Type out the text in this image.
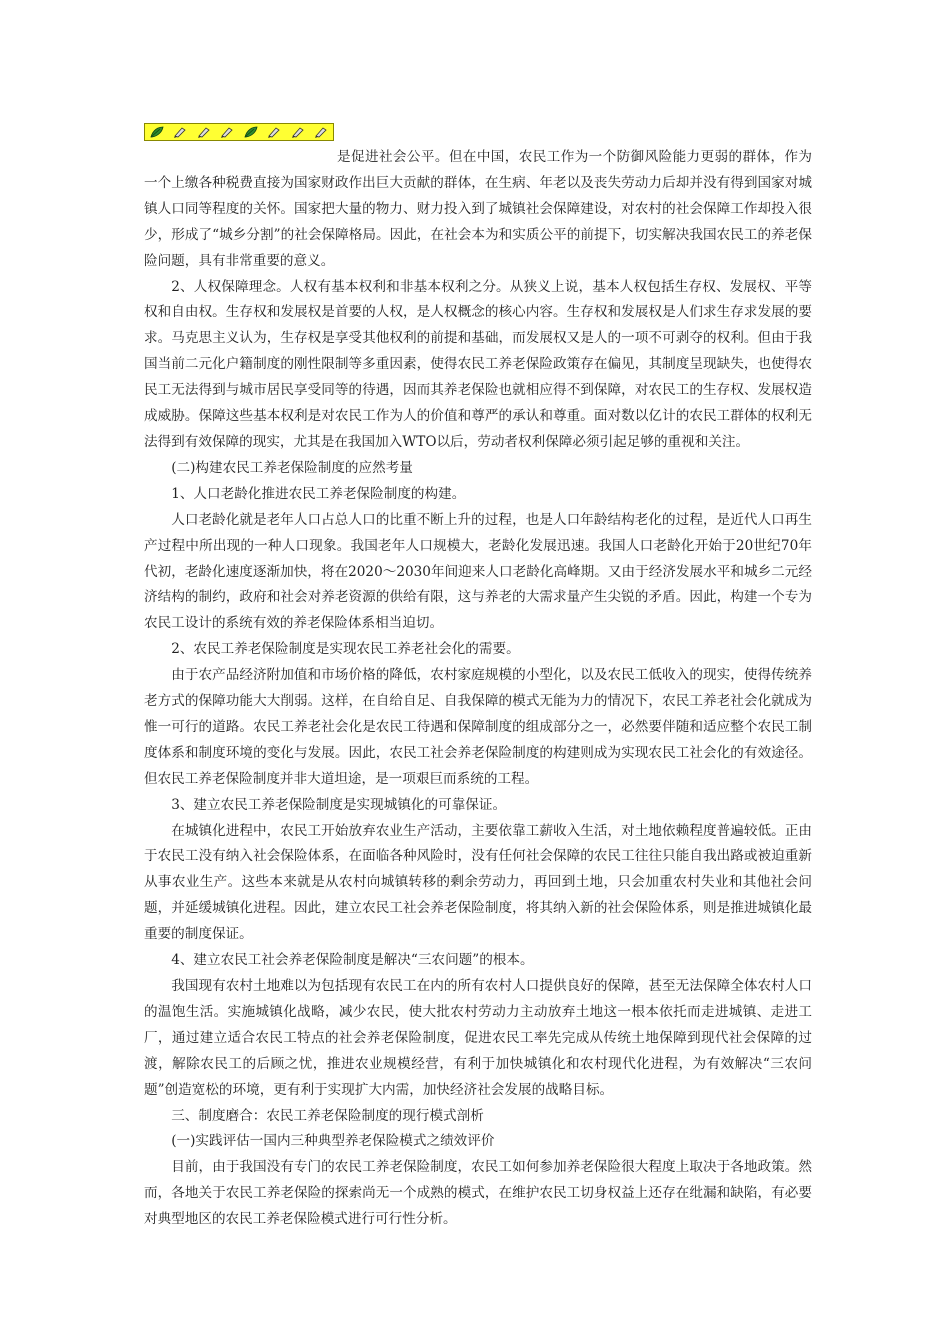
是促进社会公平。但在中国，农民工作为一个防御风险能力更弱的群体，作为一个上缴各种税费直接为国家财政作出巨大贡献的群体，在生病、年老以及丧失劳动力后却并没有得到国家对城镇人口同等程度的关怀。国家把大量的物力、财力投入到了城镇社会保障建设，对农村的社会保障工作却投入很少，形成了“城乡分割”的社会保障格局。因此，在社会本为和实质公平的前提下，切实解决我国农民工的养老保险问题，具有非常重要的意义。

2、人权保障理念。人权有基本权利和非基本权利之分。从狭义上说，基本人权包括生存权、发展权、平等权和自由权。生存权和发展权是首要的人权，是人权概念的核心内容。生存权和发展权是人们求生存求发展的要求。马克思主义认为，生存权是享受其他权利的前提和基础，而发展权又是人的一项不可剥夺的权利。但由于我国当前二元化户籍制度的刚性限制等多重因素，使得农民工养老保险政策存在偏见，其制度呈现缺失，也使得农民工无法得到与城市居民享受同等的待遇，因而其养老保险也就相应得不到保障，对农民工的生存权、发展权造成威胁。保障这些基本权利是对农民工作为人的价值和尊严的承认和尊重。面对数以亿计的农民工群体的权利无法得到有效保障的现实，尤其是在我国加入WTO以后，劳动者权利保障必须引起足够的重视和关注。

(二)构建农民工养老保险制度的应然考量

1、人口老龄化推进农民工养老保险制度的构建。

人口老龄化就是老年人口占总人口的比重不断上升的过程，也是人口年龄结构老化的过程，是近代人口再生产过程中所出现的一种人口现象。我国老年人口规模大，老龄化发展迅速。我国人口老龄化开始于20世纪70年代初，老龄化速度逐渐加快，将在2020～2030年间迎来人口老龄化高峰期。又由于经济发展水平和城乡二元经济结构的制约，政府和社会对养老资源的供给有限，这与养老的大需求量产生尖锐的矛盾。因此，构建一个专为农民工设计的系统有效的养老保险体系相当迫切。

2、农民工养老保险制度是实现农民工养老社会化的需要。

由于农产品经济附加值和市场价格的降低，农村家庭规模的小型化，以及农民工低收入的现实，使得传统养老方式的保障功能大大削弱。这样，在自给自足、自我保障的模式无能为力的情况下，农民工养老社会化就成为惟一可行的道路。农民工养老社会化是农民工待遇和保障制度的组成部分之一，必然要伴随和适应整个农民工制度体系和制度环境的变化与发展。因此，农民工社会养老保险制度的构建则成为实现农民工社会化的有效途径。但农民工养老保险制度并非大道坦途，是一项艰巨而系统的工程。

3、建立农民工养老保险制度是实现城镇化的可靠保证。

在城镇化进程中，农民工开始放弃农业生产活动，主要依靠工薪收入生活，对土地依赖程度普遍较低。正由于农民工没有纳入社会保险体系，在面临各种风险时，没有任何社会保障的农民工往往只能自我出路或被迫重新从事农业生产。这些本来就是从农村向城镇转移的剩余劳动力，再回到土地，只会加重农村失业和其他社会问题，并延缓城镇化进程。因此，建立农民工社会养老保险制度，将其纳入新的社会保险体系，则是推进城镇化最重要的制度保证。

4、建立农民工社会养老保险制度是解决“三农问题”的根本。

我国现有农村土地难以为包括现有农民工在内的所有农村人口提供良好的保障，甚至无法保障全体农村人口的温饱生活。实施城镇化战略，减少农民，使大批农村劳动力主动放弃土地这一根本依托而走进城镇、走进工厂，通过建立适合农民工特点的社会养老保险制度，促进农民工率先完成从传统土地保障到现代社会保障的过渡，解除农民工的后顾之忧，推进农业规模经营，有利于加快城镇化和农村现代化进程，为有效解决“三农问题”创造宽松的环境，更有利于实现扩大内需，加快经济社会发展的战略目标。

三、制度磨合：农民工养老保险制度的现行模式剖析

(一)实践评估一国内三种典型养老保险模式之绩效评价

目前，由于我国没有专门的农民工养老保险制度，农民工如何参加养老保险很大程度上取决于各地政策。然而，各地关于农民工养老保险的探索尚无一个成熟的模式，在维护农民工切身权益上还存在纰漏和缺陷，有必要对典型地区的农民工养老保险模式进行可行性分析。
